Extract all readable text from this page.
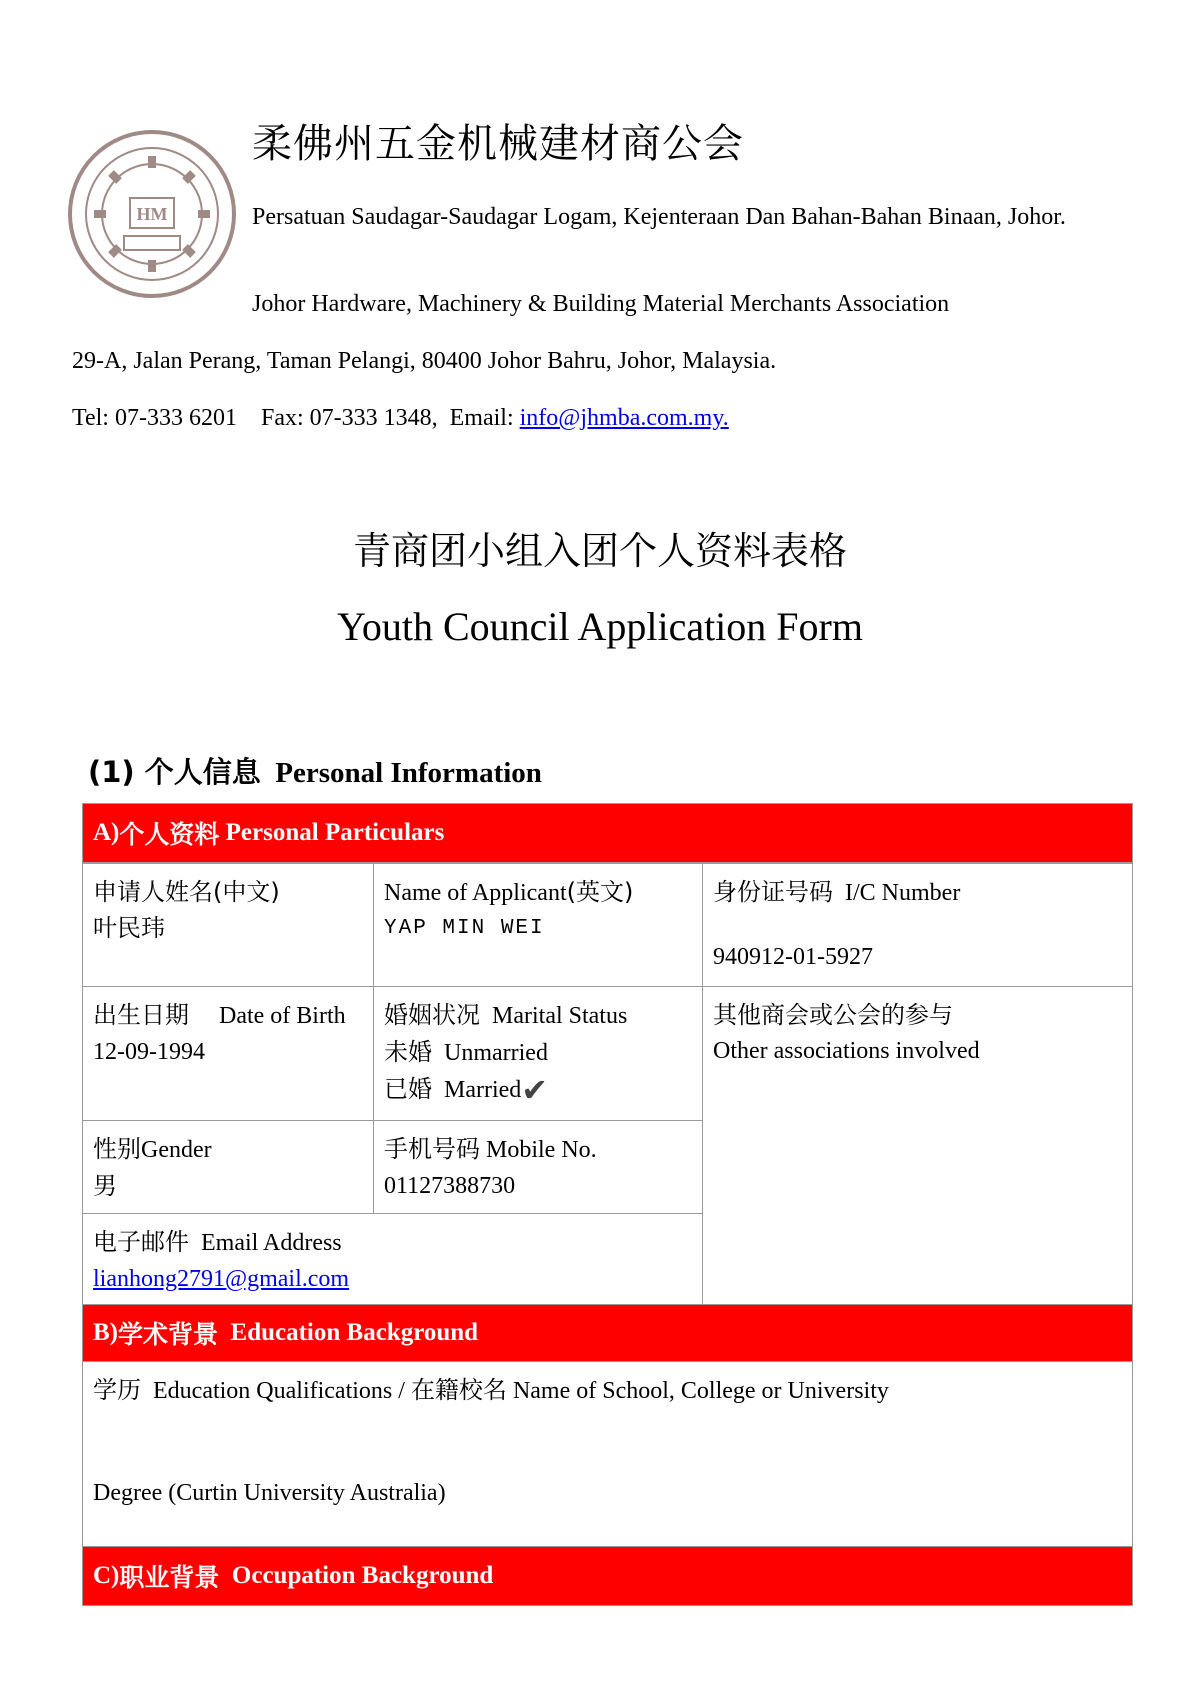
HM
柔佛州五金机械建材商公会
Persatuan Saudagar-Saudagar Logam, Kejenteraan Dan Bahan-Bahan Binaan, Johor.
Johor Hardware, Machinery & Building Material Merchants Association
29-A, Jalan Perang, Taman Pelangi, 80400 Johor Bahru, Johor, Malaysia.
Tel: 07-333 6201    Fax: 07-333 1348,  Email: info@jhmba.com.my.
青商团小组入团个人资料表格
Youth Council Application Form
(1) 个人信息 Personal Information
A) 个人资料 Personal Particulars
申请人姓名(中文)
叶民玮
Name of Applicant(英文)
YAP MIN WEI
身份证号码 I/C Number
940912-01-5927
出生日期 Date of Birth
12-09-1994
婚姻状况 Marital Status
未婚 Unmarried
已婚 Married✔
其他商会或公会的参与
Other associations involved
性别Gender
男
手机号码 Mobile No.
01127388730
电子邮件 Email Address
lianhong2791@gmail.com
B) 学术背景
Education Background
学历 Education Qualifications / 在籍校名 Name of School, College or University
Degree (Curtin University Australia)
C) 职业背景
Occupation Background
